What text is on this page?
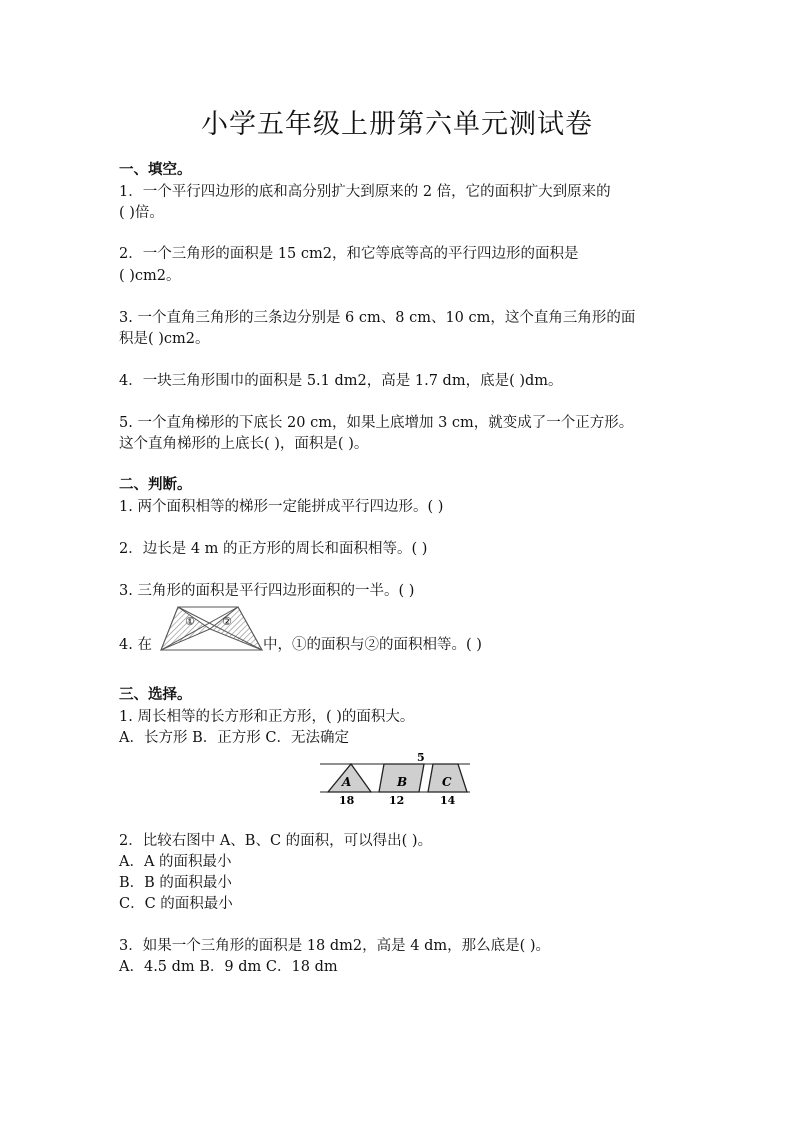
小学五年级上册第六单元测试卷
一、填空。
1．一个平行四边形的底和高分别扩大到原来的 2 倍，它的面积扩大到原来的
( )倍。
2．一个三角形的面积是 15 cm2，和它等底等高的平行四边形的面积是
( )cm2。
3. 一个直角三角形的三条边分别是 6 cm、8 cm、10 cm，这个直角三角形的面
积是( )cm2。
4．一块三角形围巾的面积是 5.1 dm2，高是 1.7 dm，底是( )dm。
5. 一个直角梯形的下底长 20 cm，如果上底增加 3 cm，就变成了一个正方形。
这个直角梯形的上底长( )，面积是( )。
二、判断。
1. 两个面积相等的梯形一定能拼成平行四边形。( )
2．边长是 4 m 的正方形的周长和面积相等。( )
3. 三角形的面积是平行四边形面积的一半。( )
4. 在	中，①的面积与②的面积相等。( )
① ②
三、选择。
1. 周长相等的长方形和正方形，( )的面积大。
A．长方形 B．正方形 C．无法确定
5
A	B	C
18	12	14
2．比较右图中 A、B、C 的面积，可以得出( )。
A．A 的面积最小
B．B 的面积最小
C．C 的面积最小
3．如果一个三角形的面积是 18 dm2，高是 4 dm，那么底是( )。
A．4.5 dm B．9 dm C．18 dm
